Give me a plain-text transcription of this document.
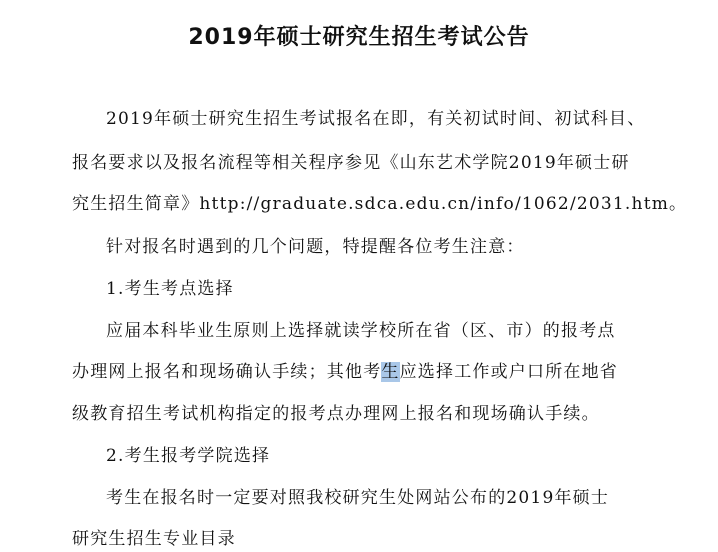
2019年硕士研究生招生考试公告

2019年硕士研究生招生考试报名在即，有关初试时间、初试科目、

报名要求以及报名流程等相关程序参见《山东艺术学院2019年硕士研

究生招生简章》http://graduate.sdca.edu.cn/info/1062/2031.htm。

针对报名时遇到的几个问题，特提醒各位考生注意：

1.考生考点选择

应届本科毕业生原则上选择就读学校所在省（区、市）的报考点

办理网上报名和现场确认手续；其他考生应选择工作或户口所在地省

级教育招生考试机构指定的报考点办理网上报名和现场确认手续。

2.考生报考学院选择

考生在报名时一定要对照我校研究生处网站公布的2019年硕士

研究生招生专业目录
